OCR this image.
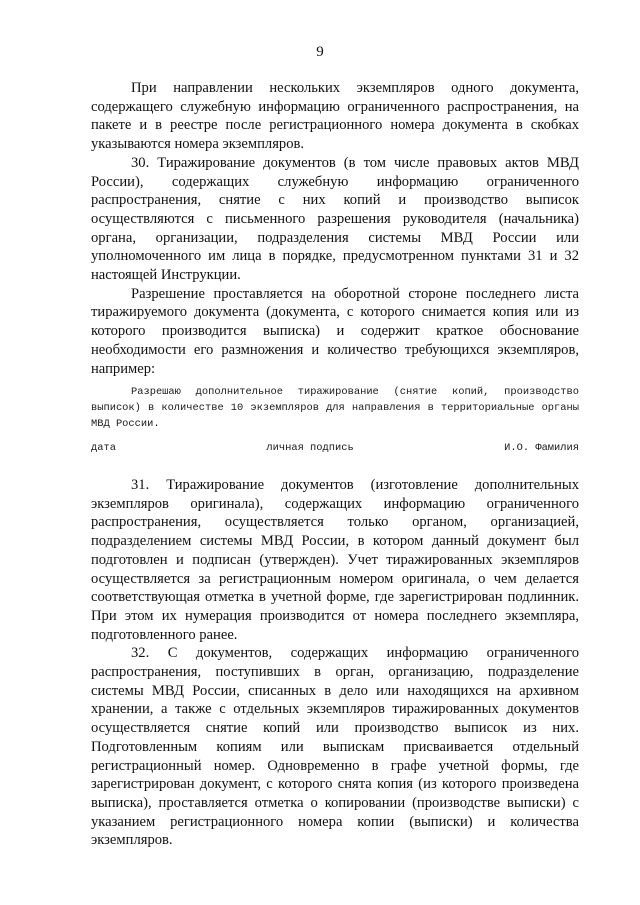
9

При направлении нескольких экземпляров одного документа, содержащего служебную информацию ограниченного распространения, на пакете и в реестре после регистрационного номера документа в скобках указываются номера экземпляров.

30. Тиражирование документов (в том числе правовых актов МВД России), содержащих служебную информацию ограниченного распространения, снятие с них копий и производство выписок осуществляются с письменного разрешения руководителя (начальника) органа, организации, подразделения системы МВД России или уполномоченного им лица в порядке, предусмотренном пунктами 31 и 32 настоящей Инструкции.

Разрешение проставляется на оборотной стороне последнего листа тиражируемого документа (документа, с которого снимается копия или из которого производится выписка) и содержит краткое обоснование необходимости его размножения и количество требующихся экземпляров, например:

Разрешаю дополнительное тиражирование (снятие копий, производство выписок) в количестве 10 экземпляров для направления в территориальные органы МВД России.
дата	личная подпись	И.О. Фамилия

31. Тиражирование документов (изготовление дополнительных экземпляров оригинала), содержащих информацию ограниченного распространения, осуществляется только органом, организацией, подразделением системы МВД России, в котором данный документ был подготовлен и подписан (утвержден). Учет тиражированных экземпляров осуществляется за регистрационным номером оригинала, о чем делается соответствующая отметка в учетной форме, где зарегистрирован подлинник. При этом их нумерация производится от номера последнего экземпляра, подготовленного ранее.

32. С документов, содержащих информацию ограниченного распространения, поступивших в орган, организацию, подразделение системы МВД России, списанных в дело или находящихся на архивном хранении, а также с отдельных экземпляров тиражированных документов осуществляется снятие копий или производство выписок из них. Подготовленным копиям или выпискам присваивается отдельный регистрационный номер. Одновременно в графе учетной формы, где зарегистрирован документ, с которого снята копия (из которого произведена выписка), проставляется отметка о копировании (производстве выписки) с указанием регистрационного номера копии (выписки) и количества экземпляров.
